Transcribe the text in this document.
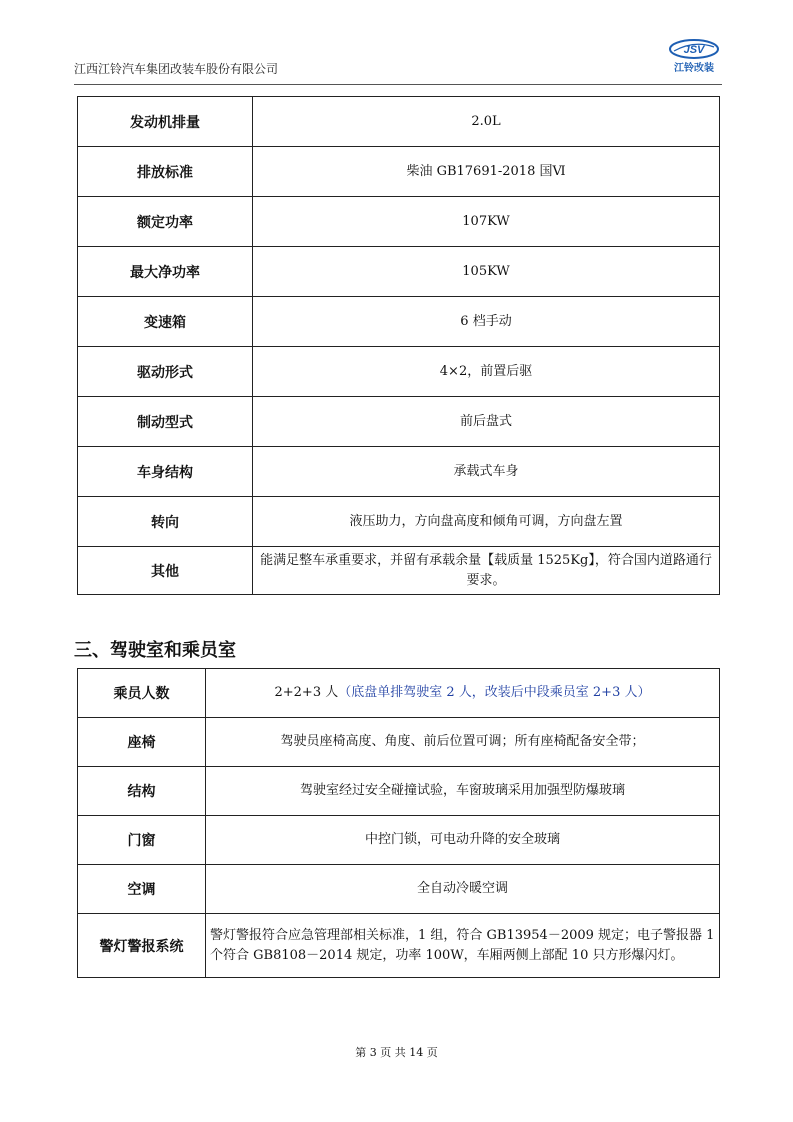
江西江铃汽车集团改装车股份有限公司
JSV
江铃改装
发动机排量	2.0L
排放标准	柴油 GB17691-2018 国Ⅵ
额定功率	107KW
最大净功率	105KW
变速箱	6 档手动
驱动形式	4×2，前置后驱
制动型式	前后盘式
车身结构	承载式车身
转向	液压助力，方向盘高度和倾角可调，方向盘左置
其他	能满足整车承重要求，并留有承载余量【载质量 1525Kg】，符合国内道路通行要求。
三、驾驶室和乘员室
乘员人数	2+2+3 人（底盘单排驾驶室 2 人，改装后中段乘员室 2+3 人）
座椅	驾驶员座椅高度、角度、前后位置可调；所有座椅配备安全带；
结构	驾驶室经过安全碰撞试验，车窗玻璃采用加强型防爆玻璃
门窗	中控门锁，可电动升降的安全玻璃
空调	全自动冷暖空调
警灯警报系统	警灯警报符合应急管理部相关标准，1 组，符合 GB13954－2009 规定；电子警报器 1 个符合 GB8108－2014 规定，功率 100W，车厢两侧上部配 10 只方形爆闪灯。
第 3 页 共 14 页
